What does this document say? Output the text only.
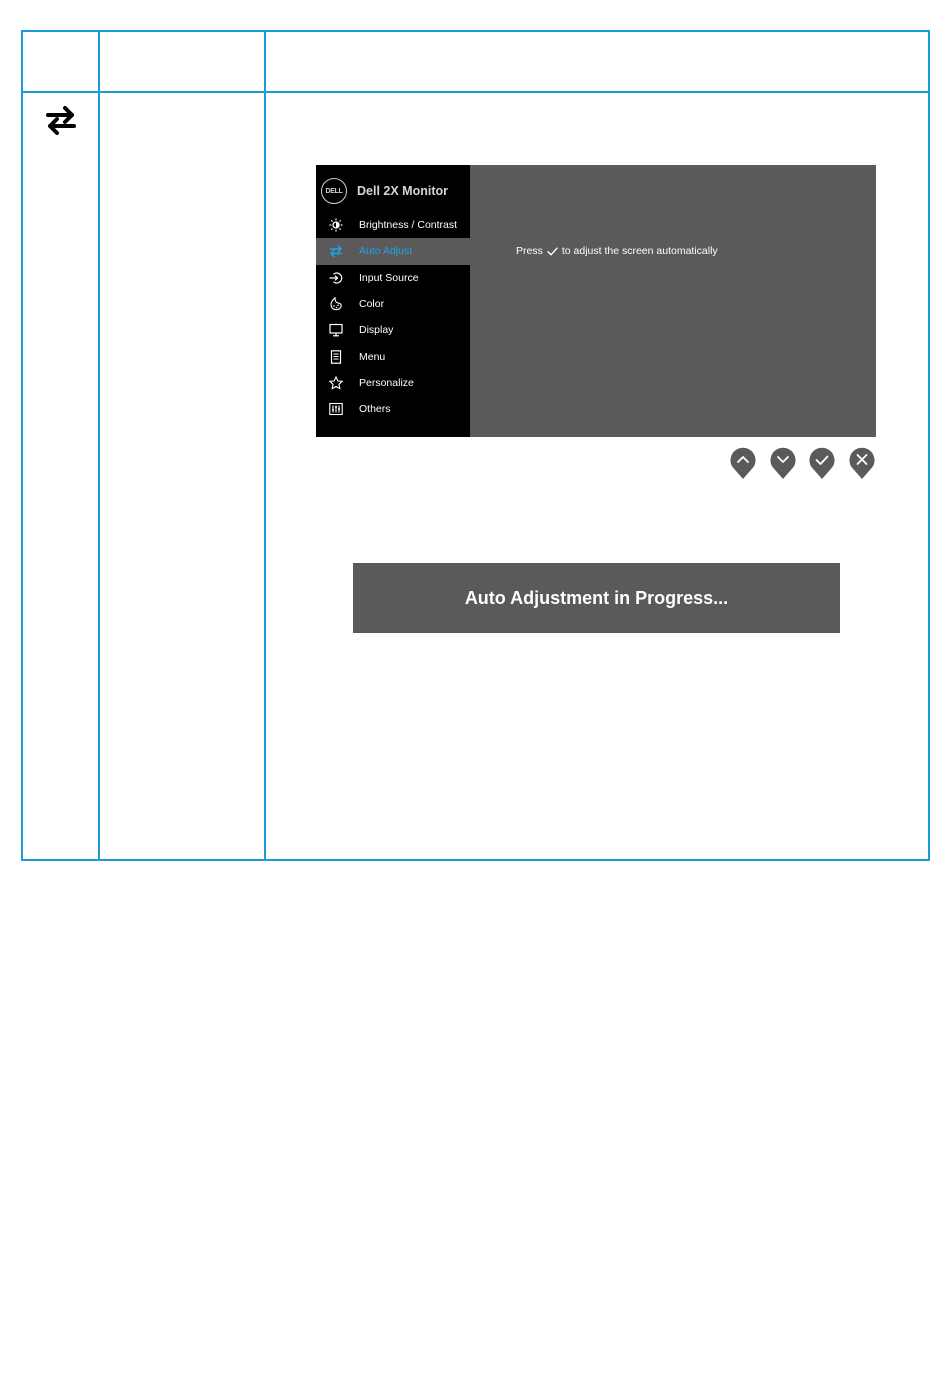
DELL	Dell 2X Monitor
Brightness / Contrast
Auto Adjust
Input Source
Color
Display
Menu
Personalize
Others
Press to adjust the screen automatically
Auto Adjustment in Progress...
